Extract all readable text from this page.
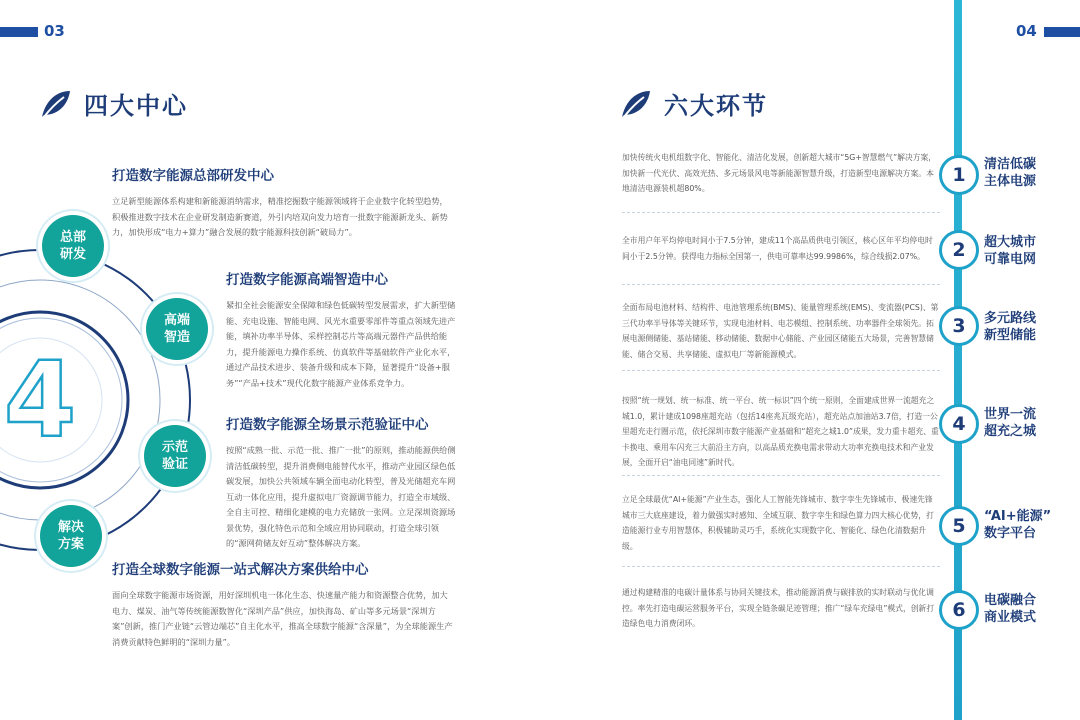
03	04
四大中心
4
总部
研发
高端
智造
示范
验证
解决
方案
打造数字能源总部研发中心

立足新型能源体系构建和新能源消纳需求，精准挖掘数字能源领域将于企业数字化转型趋势，积极推进数字技术在企业研发制造新赛道，外引内培双向发力培育一批数字能源新龙头、新势力，加快形成“电力+算力”融合发展的数字能源科技创新“破局力”。

打造数字能源高端智造中心

紧扣全社会能源安全保障和绿色低碳转型发展需求，扩大新型储能、充电设施、智能电网、风光水重要零部件等重点领域先进产能，填补功率半导体、采样控制芯片等高端元器件产品供给能力，提升能源电力操作系统、仿真软件等基础软件产业化水平，通过产品技术进步、装备升级和成本下降，显著提升“设备+服务”“产品+技术”现代化数字能源产业体系竞争力。

打造数字能源全场景示范验证中心

按照“成熟一批、示范一批、推广一批”的原则，推动能源供给侧清洁低碳转型，提升消费侧电能替代水平，推动产业园区绿色低碳发展，加快公共领域车辆全面电动化转型，普及光储超充车网互动一体化应用，提升虚拟电厂资源调节能力，打造全市域级、全自主可控、精细化建模的电力充储放一张网。立足深圳资源场景优势，强化特色示范和全域应用协同联动，打造全球引领的“源网荷储友好互动”整体解决方案。

打造全球数字能源一站式解决方案供给中心

面向全球数字能源市场资源，用好深圳机电一体化生态、快速量产能力和资源整合优势，加大电力、煤炭、油气等传统能源数智化“深圳产品”供应，加快海岛、矿山等多元场景“深圳方案”创新，推门产业链“云管边端芯”自主化水平，推高全球数字能源“含深量”，为全球能源生产消费贡献特色鲜明的“深圳力量”。

六大环节
加快传统火电机组数字化、智能化、清洁化发展，创新超大城市“5G+智慧燃气”解决方案，加快新一代光伏、高效光热、多元场景风电等新能源智慧升级，打造新型电源解决方案。本地清洁电源装机超80%。
1	清洁低碳
主体电源
全市用户年平均停电时间小于7.5分钟，建成11个高品质供电引领区，核心区年平均停电时间小于2.5分钟。获得电力指标全国第一，供电可靠率达99.9986%，综合线损2.07%。	2	超大城市
可靠电网
全面布局电池材料、结构件、电池管理系统(BMS)、能量管理系统(EMS)、变流器(PCS)、第三代功率半导体等关键环节，实现电池材料、电芯模组、控制系统、功率器件全球领先。拓展电源侧储能、基站储能、移动储能、数据中心储能、产业园区储能五大场景，完善智慧储能、储合交易、共享储能、虚拟电厂等新能源模式。
3	多元路线
新型储能
按照“统一规划、统一标准、统一平台、统一标识”四个统一原则，全面建成世界一流超充之城1.0，累计建成1098座超充站（包括14座兆瓦级充站），超充站点加油站3.7倍，打造一公里超充走行圈示范，依托深圳市数字能源产业基础和“超充之城1.0”成果，发力重卡超充、重卡换电、乘用车闪充三大前沿主方向，以高品质充换电需求带动大功率充换电技术和产业发展，全面开启“油电同速”新时代。
4	世界一流
超充之城
立足全球最优“AI+能源”产业生态，强化人工智能先锋城市、数字孪生先锋城市、极速先锋城市三大底座建设，着力做强实时感知、全域互联、数字孪生和绿色算力四大核心优势，打造能源行业专用智慧体，积极辅助灵巧手，系统化实现数字化、智能化、绿色化清数据升级。
5	“AI+能源”
数字平台
通过构建精准的电碳计量体系与协同关键技术，推动能源消费与碳排放的实时联动与优化调控。率先打造电碳运营服务平台，实现全链条碳足迹管理；推广“绿车充绿电”模式，创新打造绿色电力消费闭环。
6	电碳融合
商业模式
